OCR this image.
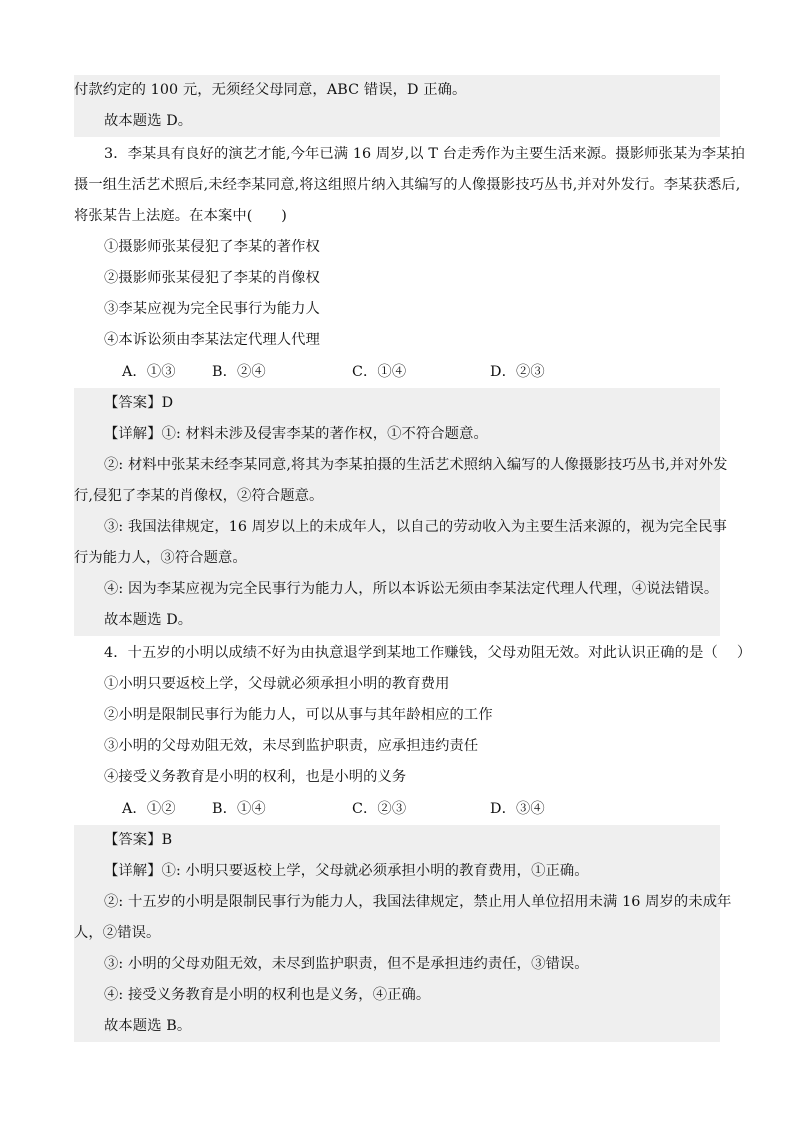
付款约定的 100 元，无须经父母同意，ABC 错误，D 正确。
故本题选 D。
3．李某具有良好的演艺才能,今年已满 16 周岁,以 T 台走秀作为主要生活来源。摄影师张某为李某拍
摄一组生活艺术照后,未经李某同意,将这组照片纳入其编写的人像摄影技巧丛书,并对外发行。李某获悉后,
将张某告上法庭。在本案中(　　)
①摄影师张某侵犯了李某的著作权
②摄影师张某侵犯了李某的肖像权
③李某应视为完全民事行为能力人
④本诉讼须由李某法定代理人代理
A．①③	B．②④	C．①④	D．②③
【答案】D
【详解】①: 材料未涉及侵害李某的著作权，①不符合题意。
②: 材料中张某未经李某同意,将其为李某拍摄的生活艺术照纳入编写的人像摄影技巧丛书,并对外发
行,侵犯了李某的肖像权，②符合题意。
③: 我国法律规定，16 周岁以上的未成年人，以自己的劳动收入为主要生活来源的，视为完全民事
行为能力人，③符合题意。
④: 因为李某应视为完全民事行为能力人，所以本诉讼无须由李某法定代理人代理，④说法错误。
故本题选 D。
4．十五岁的小明以成绩不好为由执意退学到某地工作赚钱，父母劝阻无效。对此认识正确的是（　 ）
①小明只要返校上学，父母就必须承担小明的教育费用
②小明是限制民事行为能力人，可以从事与其年龄相应的工作
③小明的父母劝阻无效，未尽到监护职责，应承担违约责任
④接受义务教育是小明的权利，也是小明的义务
A．①②	B．①④	C．②③	D．③④
【答案】B
【详解】①: 小明只要返校上学，父母就必须承担小明的教育费用，①正确。
②: 十五岁的小明是限制民事行为能力人，我国法律规定，禁止用人单位招用未满 16 周岁的未成年
人，②错误。
③: 小明的父母劝阻无效，未尽到监护职责，但不是承担违约责任，③错误。
④: 接受义务教育是小明的权利也是义务，④正确。
故本题选 B。
